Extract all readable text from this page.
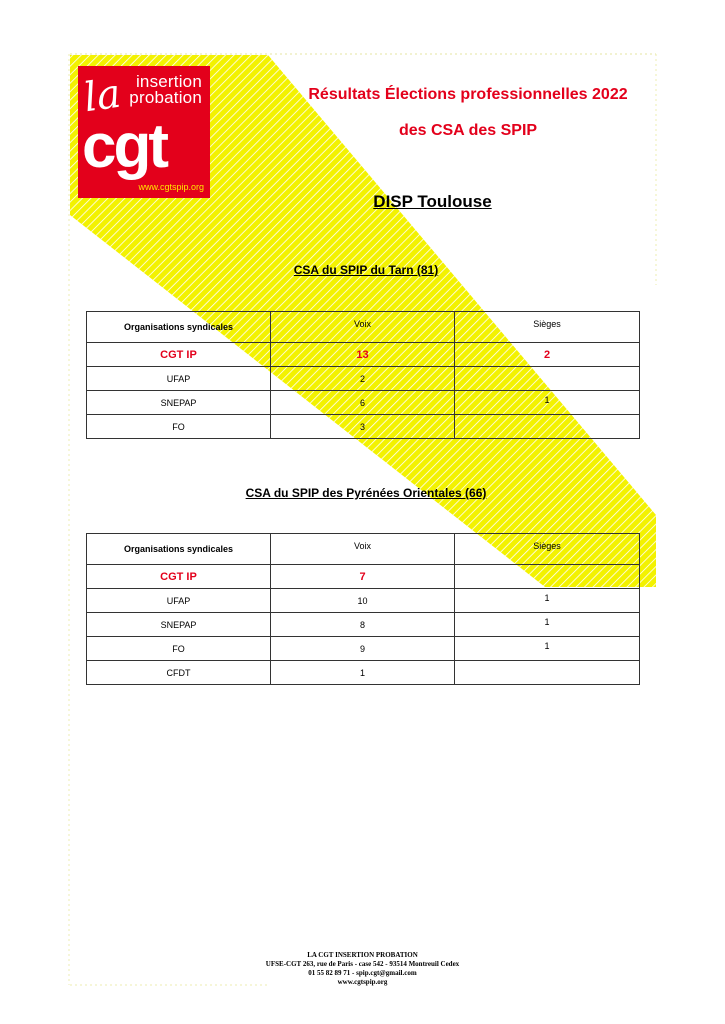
la insertion
probation
cgt
www.cgtspip.org
Résultats Élections professionnelles 2022
des CSA des SPIP
DISP Toulouse
CSA du SPIP du Tarn (81)
Organisations syndicales	Voix	Sièges
CGT IP	13	2
UFAP	2	
SNEPAP	6	1
FO	3	
CSA du SPIP des Pyrénées Orientales (66)
Organisations syndicales	Voix	Sièges
CGT IP	7	
UFAP	10	1
SNEPAP	8	1
FO	9	1
CFDT	1	
LA CGT INSERTION PROBATION
UFSE-CGT 263, rue de Paris - case 542 - 93514 Montreuil Cedex
01 55 82 89 71 - spip.cgt@gmail.com
www.cgtspip.org
